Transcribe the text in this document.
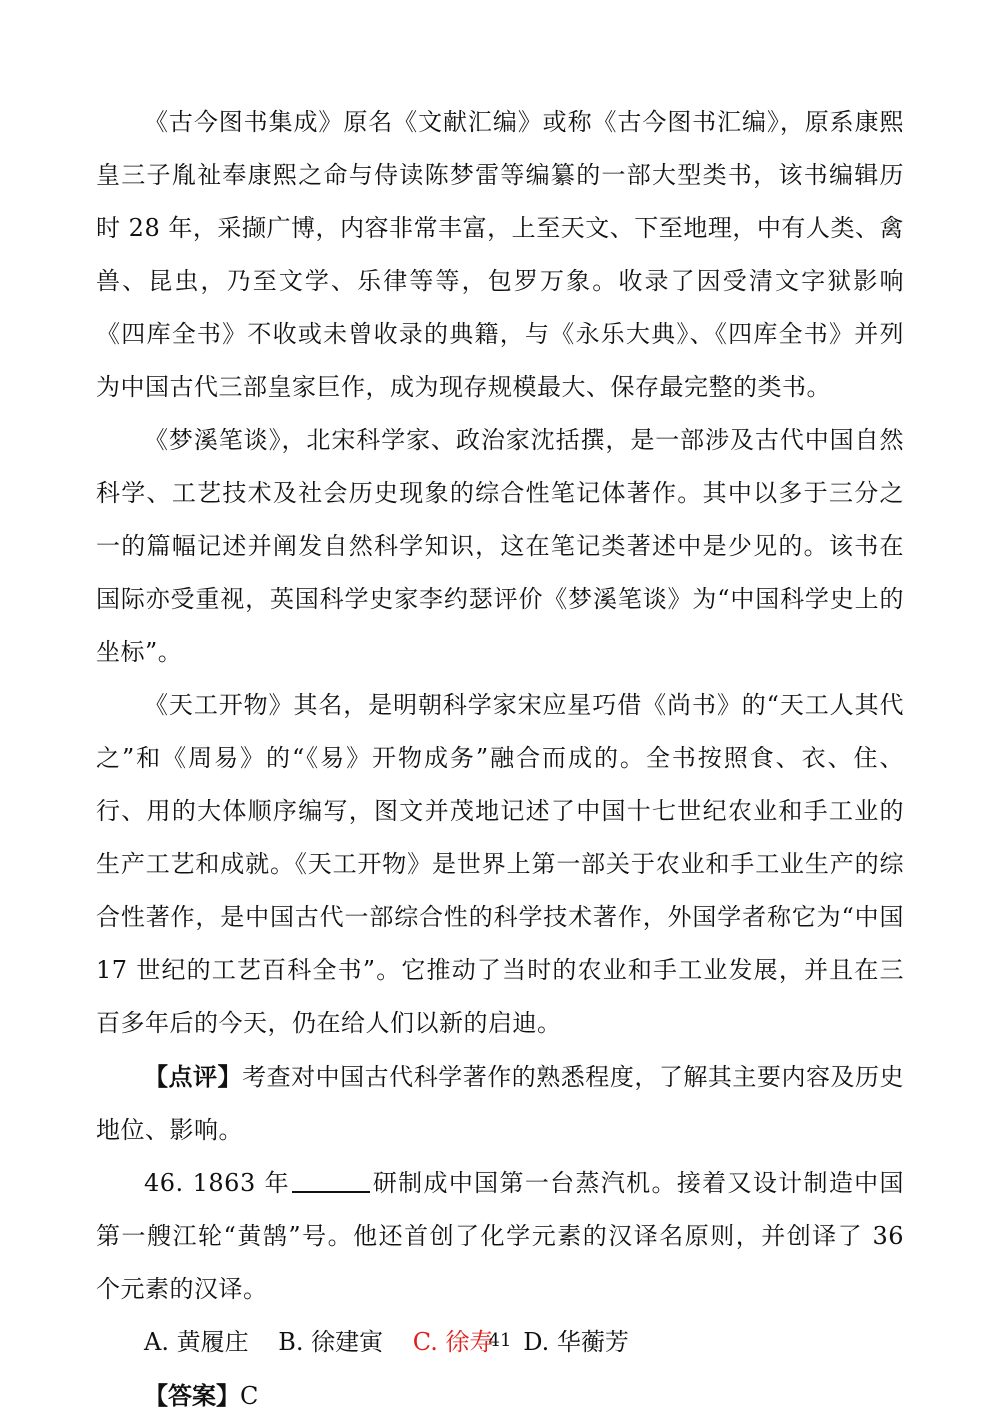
《古今图书集成》原名《文献汇编》或称《古今图书汇编》，原系康熙皇三子胤祉奉康熙之命与侍读陈梦雷等编纂的一部大型类书，该书编辑历时 28 年，采撷广博，内容非常丰富，上至天文、下至地理，中有人类、禽兽、昆虫，乃至文学、乐律等等，包罗万象。收录了因受清文字狱影响《四库全书》不收或未曾收录的典籍，与《永乐大典》、《四库全书》并列为中国古代三部皇家巨作，成为现存规模最大、保存最完整的类书。

《梦溪笔谈》，北宋科学家、政治家沈括撰，是一部涉及古代中国自然科学、工艺技术及社会历史现象的综合性笔记体著作。其中以多于三分之一的篇幅记述并阐发自然科学知识，这在笔记类著述中是少见的。该书在国际亦受重视，英国科学史家李约瑟评价《梦溪笔谈》为“中国科学史上的坐标”。

《天工开物》其名，是明朝科学家宋应星巧借《尚书》的“天工人其代之”和《周易》的“《易》开物成务”融合而成的。全书按照食、衣、住、行、用的大体顺序编写，图文并茂地记述了中国十七世纪农业和手工业的生产工艺和成就。《天工开物》是世界上第一部关于农业和手工业生产的综合性著作，是中国古代一部综合性的科学技术著作，外国学者称它为“中国 17 世纪的工艺百科全书”。它推动了当时的农业和手工业发展，并且在三百多年后的今天，仍在给人们以新的启迪。

【点评】考查对中国古代科学著作的熟悉程度，了解其主要内容及历史地位、影响。

46. 1863 年	研制成中国第一台蒸汽机。接着又设计制造中国第一艘江轮“黄鹄”号。他还首创了化学元素的汉译名原则，并创译了 36 个元素的汉译。

A. 黄履庄 B. 徐建寅 C. 徐寿 D. 华蘅芳

【答案】C

41
